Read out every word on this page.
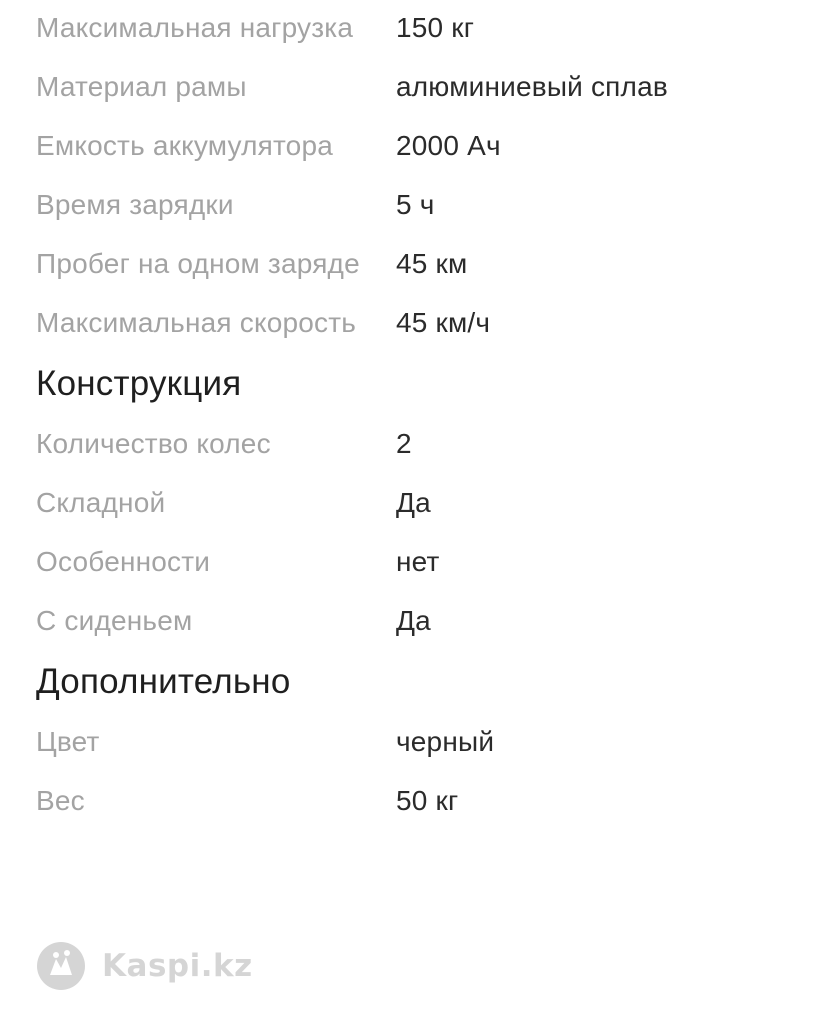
Максимальная нагрузка	150 кг
Материал рамы	алюминиевый сплав
Емкость аккумулятора	2000 Ач
Время зарядки	5 ч
Пробег на одном заряде	45 км
Максимальная скорость	45 км/ч
Конструкция
Количество колес	2
Складной	Да
Особенности	нет
С сиденьем	Да
Дополнительно
Цвет	черный
Вес	50 кг
Kaspi.kz
